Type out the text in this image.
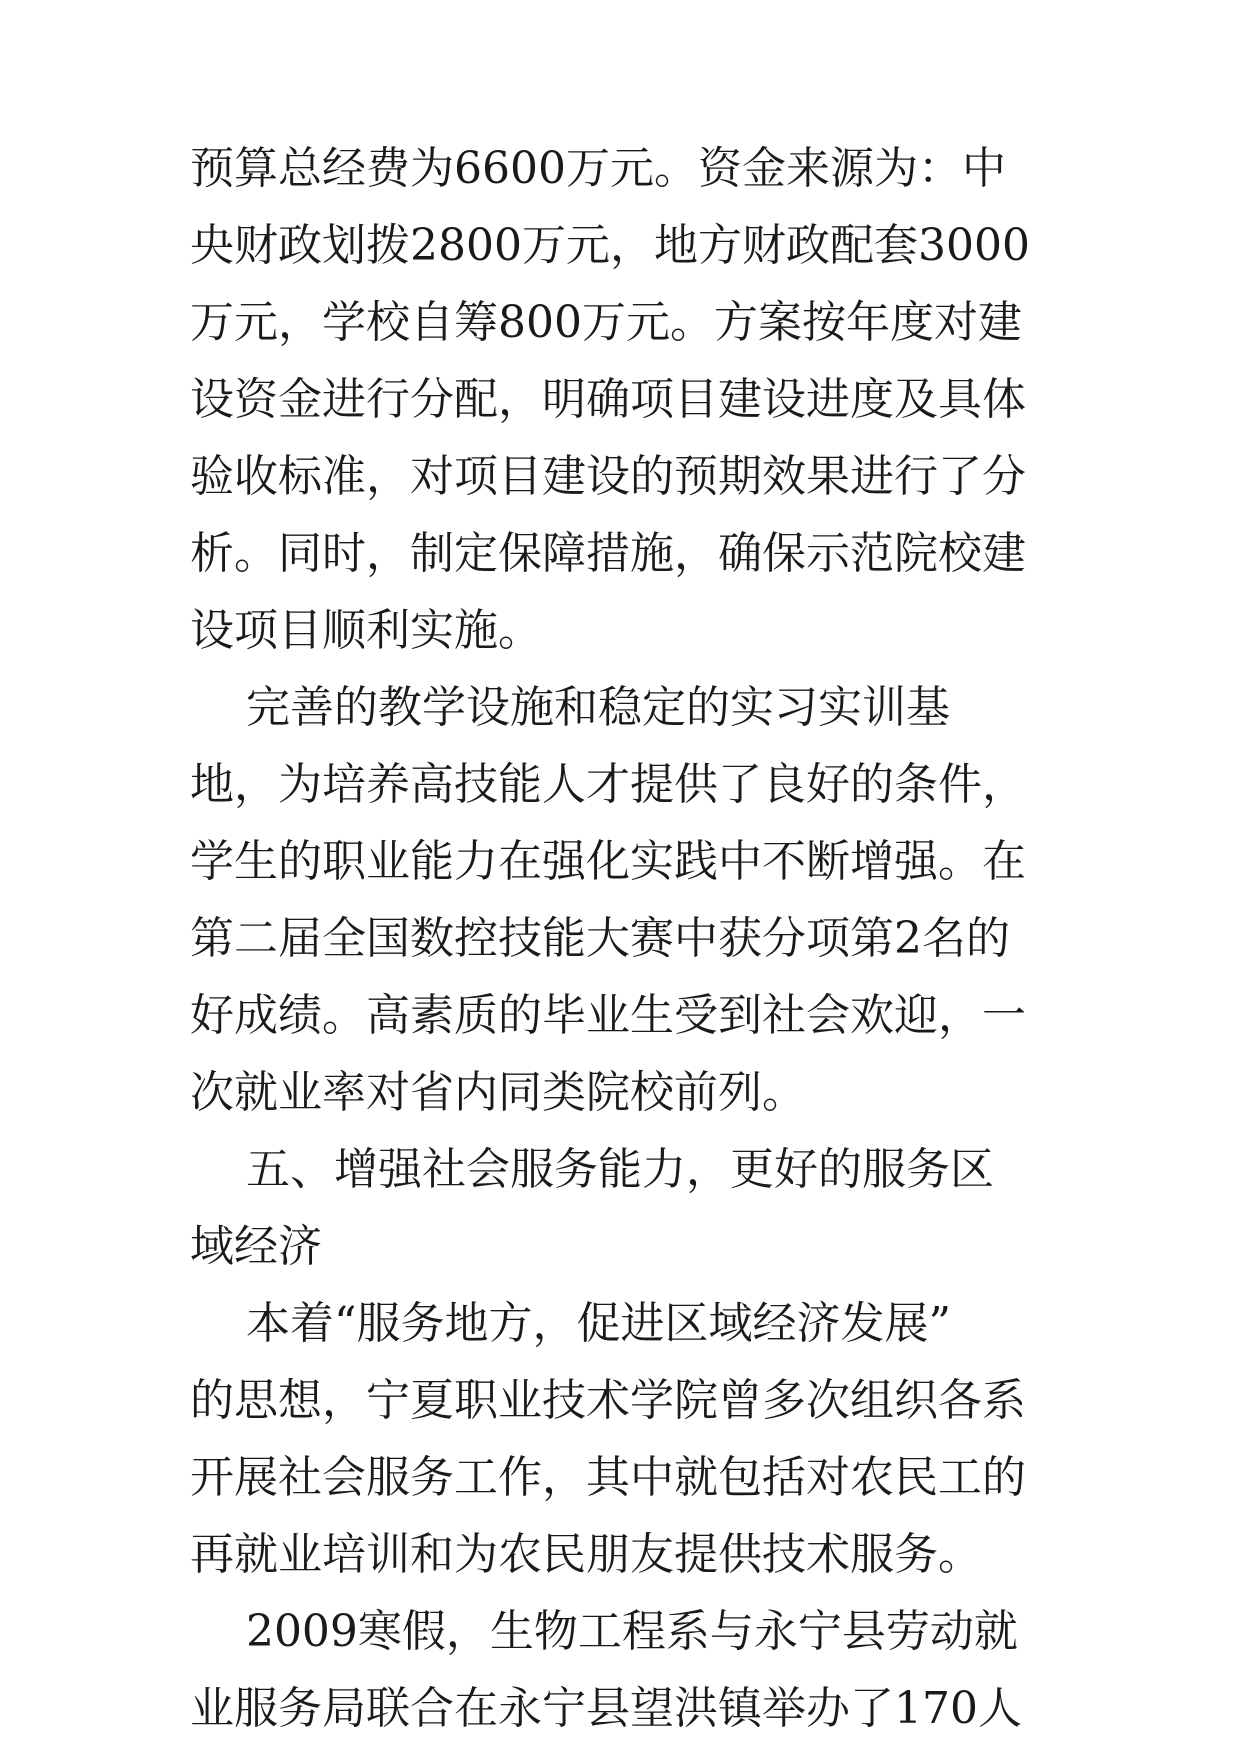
预算总经费为6600万元。资金来源为：中
央财政划拨2800万元，地方财政配套3000
万元，学校自筹800万元。方案按年度对建
设资金进行分配，明确项目建设进度及具体
验收标准，对项目建设的预期效果进行了分
析。同时，制定保障措施，确保示范院校建
设项目顺利实施。
完善的教学设施和稳定的实习实训基
地，为培养高技能人才提供了良好的条件，
学生的职业能力在强化实践中不断增强。在
第二届全国数控技能大赛中获分项第2名的
好成绩。高素质的毕业生受到社会欢迎，一
次就业率对省内同类院校前列。
五、增强社会服务能力，更好的服务区
域经济
本着“服务地方，促进区域经济发展”
的思想，宁夏职业技术学院曾多次组织各系
开展社会服务工作，其中就包括对农民工的
再就业培训和为农民朋友提供技术服务。
2009寒假，生物工程系与永宁县劳动就
业服务局联合在永宁县望洪镇举办了170人
